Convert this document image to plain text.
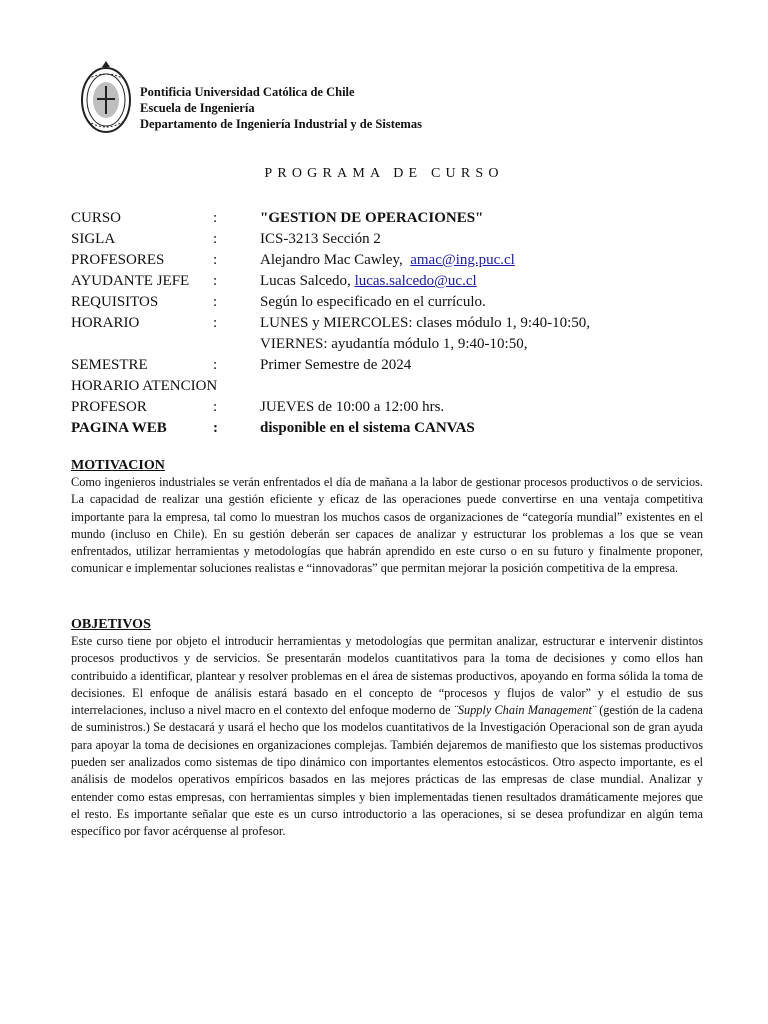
Pontificia Universidad Católica de Chile
Escuela de Ingeniería
Departamento de Ingeniería Industrial y de Sistemas
PROGRAMA DE CURSO
CURSO	:	"GESTION DE OPERACIONES"
SIGLA	:	ICS-3213 Sección 2
PROFESORES	:	Alejandro Mac Cawley,  amac@ing.puc.cl
AYUDANTE JEFE :	Lucas Salcedo, lucas.salcedo@uc.cl
REQUISITOS	:	Según lo especificado en el currículo.
HORARIO	:	LUNES y MIERCOLES: clases módulo 1, 9:40-10:50,
VIERNES: ayudantía módulo 1, 9:40-10:50,
SEMESTRE	:	Primer Semestre de 2024
HORARIO ATENCION
PROFESOR	:	JUEVES de 10:00 a 12:00 hrs.
PAGINA WEB	:	disponible en el sistema CANVAS
MOTIVACION

Como ingenieros industriales se verán enfrentados el día de mañana a la labor de gestionar procesos productivos o de servicios. La capacidad de realizar una gestión eficiente y eficaz de las operaciones puede convertirse en una ventaja competitiva importante para la empresa, tal como lo muestran los muchos casos de organizaciones de “categoría mundial” existentes en el mundo (incluso en Chile). En su gestión deberán ser capaces de analizar y estructurar los problemas a los que se vean enfrentados, utilizar herramientas y metodologías que habrán aprendido en este curso o en su futuro y finalmente proponer, comunicar e implementar soluciones realistas e “innovadoras” que permitan mejorar la posición competitiva de la empresa.

OBJETIVOS

Este curso tiene por objeto el introducir herramientas y metodologías que permitan analizar, estructurar e intervenir distintos procesos productivos y de servicios. Se presentarán modelos cuantitativos para la toma de decisiones y como ellos han contribuido a identificar, plantear y resolver problemas en el área de sistemas productivos, apoyando en forma sólida la toma de decisiones. El enfoque de análisis estará basado en el concepto de “procesos y flujos de valor” y el estudio de sus interrelaciones, incluso a nivel macro en el contexto del enfoque moderno de ¨Supply Chain Management¨ (gestión de la cadena de suministros.) Se destacará y usará el hecho que los modelos cuantitativos de la Investigación Operacional son de gran ayuda para apoyar la toma de decisiones en organizaciones complejas. También dejaremos de manifiesto que los sistemas productivos pueden ser analizados como sistemas de tipo dinámico con importantes elementos estocásticos. Otro aspecto importante, es el análisis de modelos operativos empíricos basados en las mejores prácticas de las empresas de clase mundial. Analizar y entender como estas empresas, con herramientas simples y bien implementadas tienen resultados dramáticamente mejores que el resto. Es importante señalar que este es un curso introductorio a las operaciones, si se desea profundizar en algún tema específico por favor acérquense al profesor.
